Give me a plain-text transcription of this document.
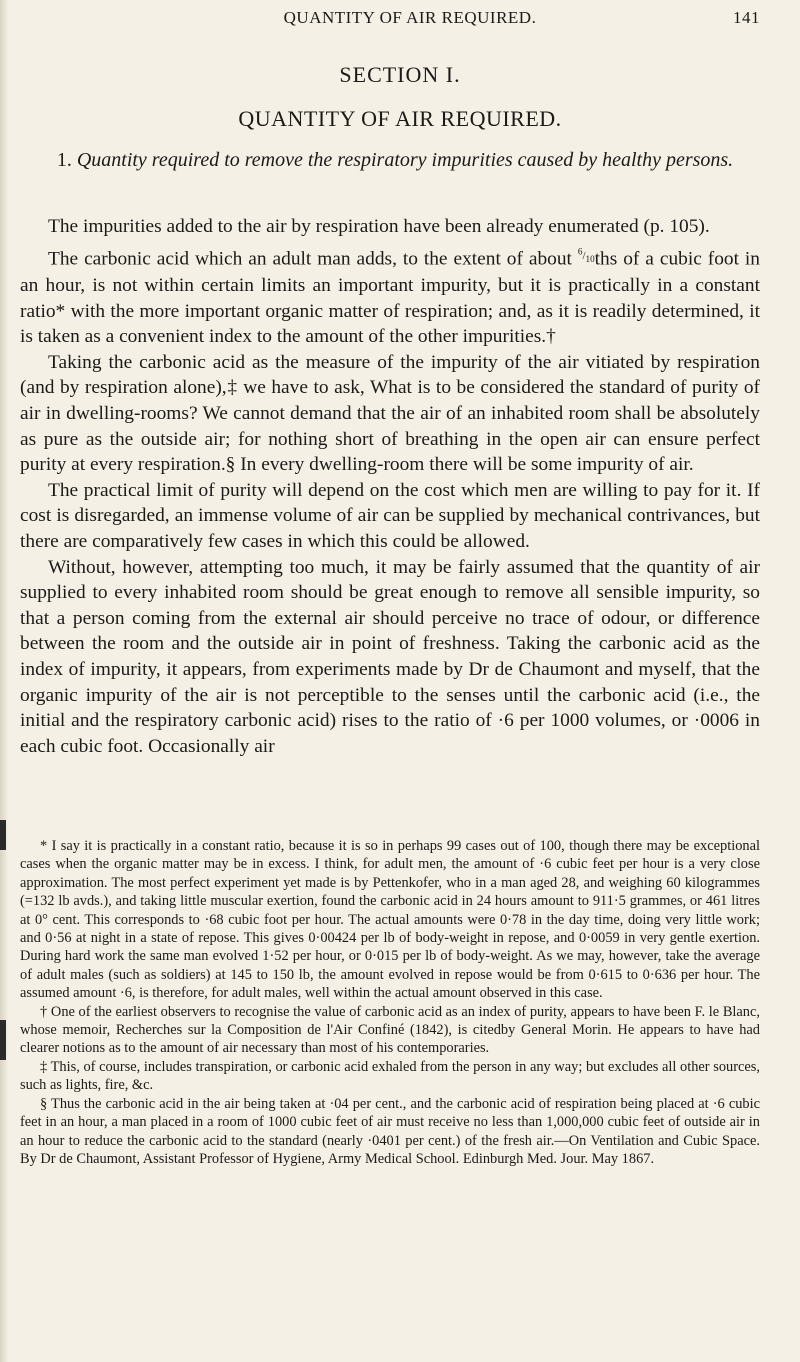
QUANTITY OF AIR REQUIRED.	141
SECTION I.
QUANTITY OF AIR REQUIRED.
1. Quantity required to remove the respiratory impurities caused by healthy persons.

The impurities added to the air by respiration have been already enumerated (p. 105).

The carbonic acid which an adult man adds, to the extent of about $^{^6/_{10}}$ths of a cubic foot in an hour, is not within certain limits an important impurity, but it is practically in a constant ratio* with the more important organic matter of respiration; and, as it is readily determined, it is taken as a convenient index to the amount of the other impurities.†

Taking the carbonic acid as the measure of the impurity of the air vitiated by respiration (and by respiration alone),‡ we have to ask, What is to be considered the standard of purity of air in dwelling-rooms? We cannot demand that the air of an inhabited room shall be absolutely as pure as the outside air; for nothing short of breathing in the open air can ensure perfect purity at every respiration.§ In every dwelling-room there will be some impurity of air.

The practical limit of purity will depend on the cost which men are willing to pay for it. If cost is disregarded, an immense volume of air can be supplied by mechanical contrivances, but there are comparatively few cases in which this could be allowed.

Without, however, attempting too much, it may be fairly assumed that the quantity of air supplied to every inhabited room should be great enough to remove all sensible impurity, so that a person coming from the external air should perceive no trace of odour, or difference between the room and the outside air in point of freshness. Taking the carbonic acid as the index of impurity, it appears, from experiments made by Dr de Chaumont and myself, that the organic impurity of the air is not perceptible to the senses until the carbonic acid (i.e., the initial and the respiratory carbonic acid) rises to the ratio of ·6 per 1000 volumes, or ·0006 in each cubic foot. Occasionally air

* I say it is practically in a constant ratio, because it is so in perhaps 99 cases out of 100, though there may be exceptional cases when the organic matter may be in excess. I think, for adult men, the amount of ·6 cubic feet per hour is a very close approximation. The most perfect experiment yet made is by Pettenkofer, who in a man aged 28, and weighing 60 kilogrammes (=132 lb avds.), and taking little muscular exertion, found the carbonic acid in 24 hours amount to 911·5 grammes, or 461 litres at 0° cent. This corresponds to ·68 cubic foot per hour. The actual amounts were 0·78 in the day time, doing very little work; and 0·56 at night in a state of repose. This gives 0·00424 per lb of body-weight in repose, and 0·0059 in very gentle exertion. During hard work the same man evolved 1·52 per hour, or 0·015 per lb of body-weight. As we may, however, take the average of adult males (such as soldiers) at 145 to 150 lb, the amount evolved in repose would be from 0·615 to 0·636 per hour. The assumed amount ·6, is therefore, for adult males, well within the actual amount observed in this case.

† One of the earliest observers to recognise the value of carbonic acid as an index of purity, appears to have been F. le Blanc, whose memoir, Recherches sur la Composition de l'Air Confiné (1842), is citedby General Morin. He appears to have had clearer notions as to the amount of air necessary than most of his contemporaries.

‡ This, of course, includes transpiration, or carbonic acid exhaled from the person in any way; but excludes all other sources, such as lights, fire, &c.

§ Thus the carbonic acid in the air being taken at ·04 per cent., and the carbonic acid of respiration being placed at ·6 cubic feet in an hour, a man placed in a room of 1000 cubic feet of air must receive no less than 1,000,000 cubic feet of outside air in an hour to reduce the carbonic acid to the standard (nearly ·0401 per cent.) of the fresh air.—On Ventilation and Cubic Space. By Dr de Chaumont, Assistant Professor of Hygiene, Army Medical School. Edinburgh Med. Jour. May 1867.
